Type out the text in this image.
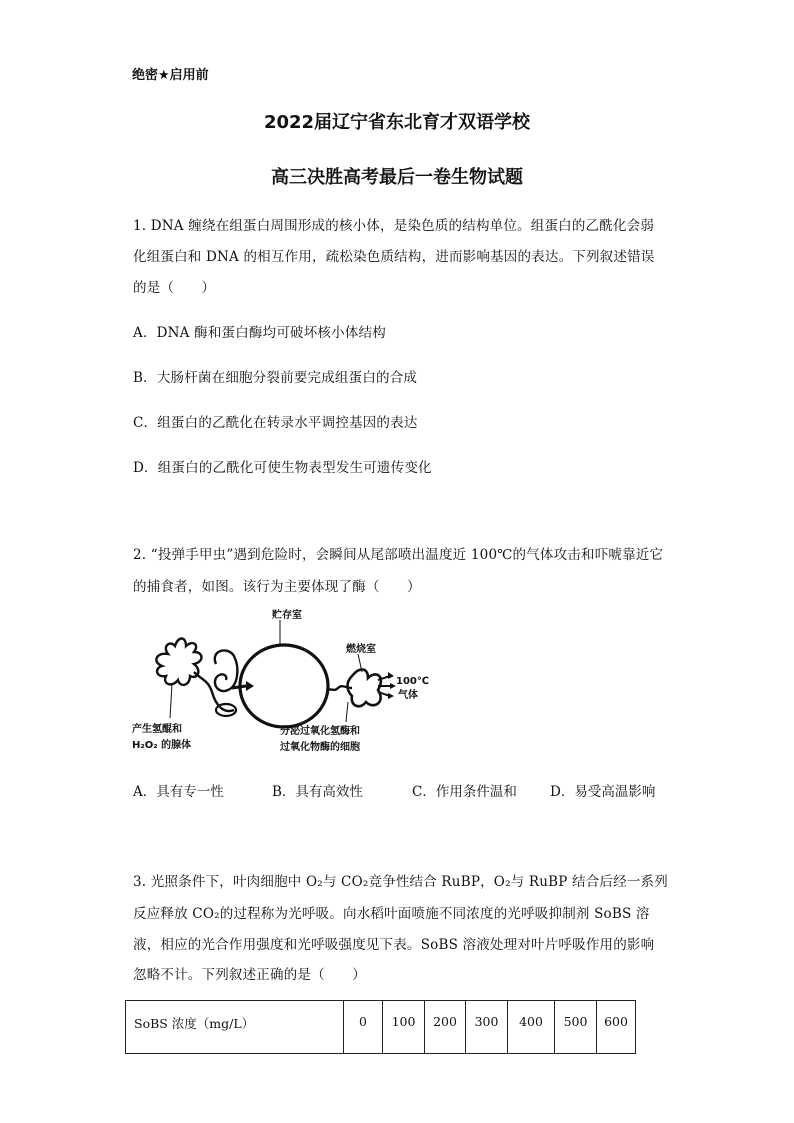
绝密★启用前
2022届辽宁省东北育才双语学校
高三决胜高考最后一卷生物试题
1. DNA 缠绕在组蛋白周围形成的核小体，是染色质的结构单位。组蛋白的乙酰化会弱
化组蛋白和 DNA 的相互作用，疏松染色质结构，进而影响基因的表达。下列叙述错误
的是（　　）
A．DNA 酶和蛋白酶均可破坏核小体结构
B．大肠杆菌在细胞分裂前要完成组蛋白的合成
C．组蛋白的乙酰化在转录水平调控基因的表达
D．组蛋白的乙酰化可使生物表型发生可遗传变化
2. “投弹手甲虫”遇到危险时，会瞬间从尾部喷出温度近 100℃的气体攻击和吓唬靠近它
的捕食者，如图。该行为主要体现了酶（　　）
贮存室
燃烧室
100℃
气体
产生氢醌和
H₂O₂ 的腺体
分泌过氧化氢酶和
过氧化物酶的细胞
A．具有专一性	B．具有高效性	C．作用条件温和 D．易受高温影响
3. 光照条件下，叶肉细胞中 O₂与 CO₂竞争性结合 RuBP，O₂与 RuBP 结合后经一系列
反应释放 CO₂的过程称为光呼吸。向水稻叶面喷施不同浓度的光呼吸抑制剂 SoBS 溶
液，相应的光合作用强度和光呼吸强度见下表。SoBS 溶液处理对叶片呼吸作用的影响
忽略不计。下列叙述正确的是（　　）
SoBS 浓度（mg/L）	0	100	200	300	400	500	600
